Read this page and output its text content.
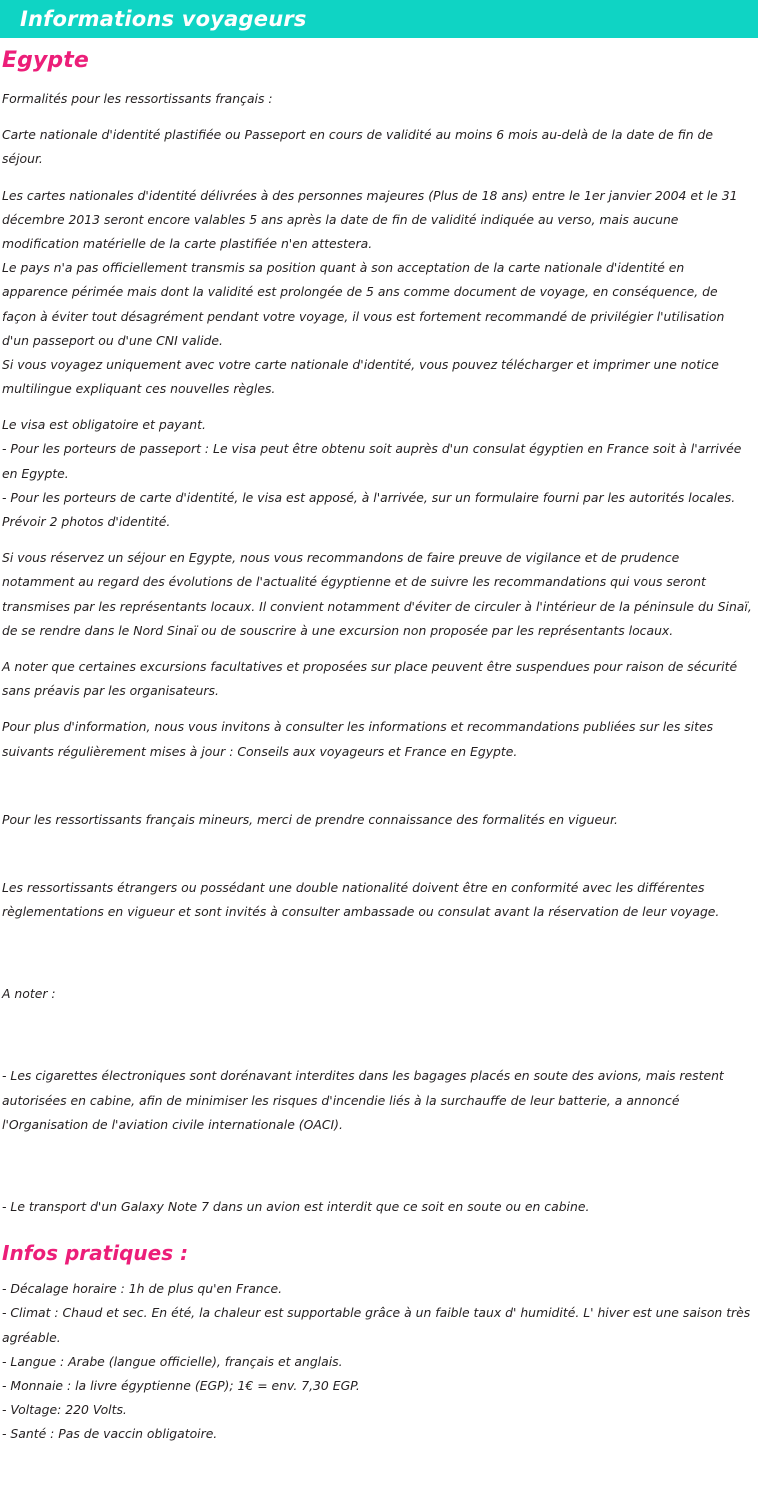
Informations voyageurs
Egypte

Formalités pour les ressortissants français :

Carte nationale d'identité plastifiée ou Passeport en cours de validité au moins 6 mois au-delà de la date de fin de séjour.

Les cartes nationales d'identité délivrées à des personnes majeures (Plus de 18 ans) entre le 1er janvier 2004 et le 31 décembre 2013 seront encore valables 5 ans après la date de fin de validité indiquée au verso, mais aucune modification matérielle de la carte plastifiée n'en attestera.

Le pays n'a pas officiellement transmis sa position quant à son acceptation de la carte nationale d'identité en apparence périmée mais dont la validité est prolongée de 5 ans comme document de voyage, en conséquence, de façon à éviter tout désagrément pendant votre voyage, il vous est fortement recommandé de privilégier l'utilisation d'un passeport ou d'une CNI valide.

Si vous voyagez uniquement avec votre carte nationale d'identité, vous pouvez télécharger et imprimer une notice multilingue expliquant ces nouvelles règles.

Le visa est obligatoire et payant.

- Pour les porteurs de passeport : Le visa peut être obtenu soit auprès d'un consulat égyptien en France soit à l'arrivée en Egypte.

- Pour les porteurs de carte d'identité, le visa est apposé, à l'arrivée, sur un formulaire fourni par les autorités locales.

Prévoir 2 photos d'identité.

Si vous réservez un séjour en Egypte, nous vous recommandons de faire preuve de vigilance et de prudence notamment au regard des évolutions de l'actualité égyptienne et de suivre les recommandations qui vous seront transmises par les représentants locaux. Il convient notamment d'éviter de circuler à l'intérieur de la péninsule du Sinaï, de se rendre dans le Nord Sinaï ou de souscrire à une excursion non proposée par les représentants locaux.

A noter que certaines excursions facultatives et proposées sur place peuvent être suspendues pour raison de sécurité sans préavis par les organisateurs.

Pour plus d'information, nous vous invitons à consulter les informations et recommandations publiées sur les sites suivants régulièrement mises à jour : Conseils aux voyageurs et France en Egypte.

Pour les ressortissants français mineurs, merci de prendre connaissance des formalités en vigueur.

Les ressortissants étrangers ou possédant une double nationalité doivent être en conformité avec les différentes règlementations en vigueur et sont invités à consulter ambassade ou consulat avant la réservation de leur voyage.

A noter :

- Les cigarettes électroniques sont dorénavant interdites dans les bagages placés en soute des avions, mais restent autorisées en cabine, afin de minimiser les risques d'incendie liés à la surchauffe de leur batterie, a annoncé l'Organisation de l'aviation civile internationale (OACI).

- Le transport d'un Galaxy Note 7 dans un avion est interdit que ce soit en soute ou en cabine.

Infos pratiques :

- Décalage horaire : 1h de plus qu'en France.

- Climat : Chaud et sec. En été, la chaleur est supportable grâce à un faible taux d' humidité. L' hiver est une saison très agréable.

- Langue : Arabe (langue officielle), français et anglais.

- Monnaie : la livre égyptienne (EGP); 1€ = env. 7,30 EGP.

- Voltage: 220 Volts.

- Santé : Pas de vaccin obligatoire.
